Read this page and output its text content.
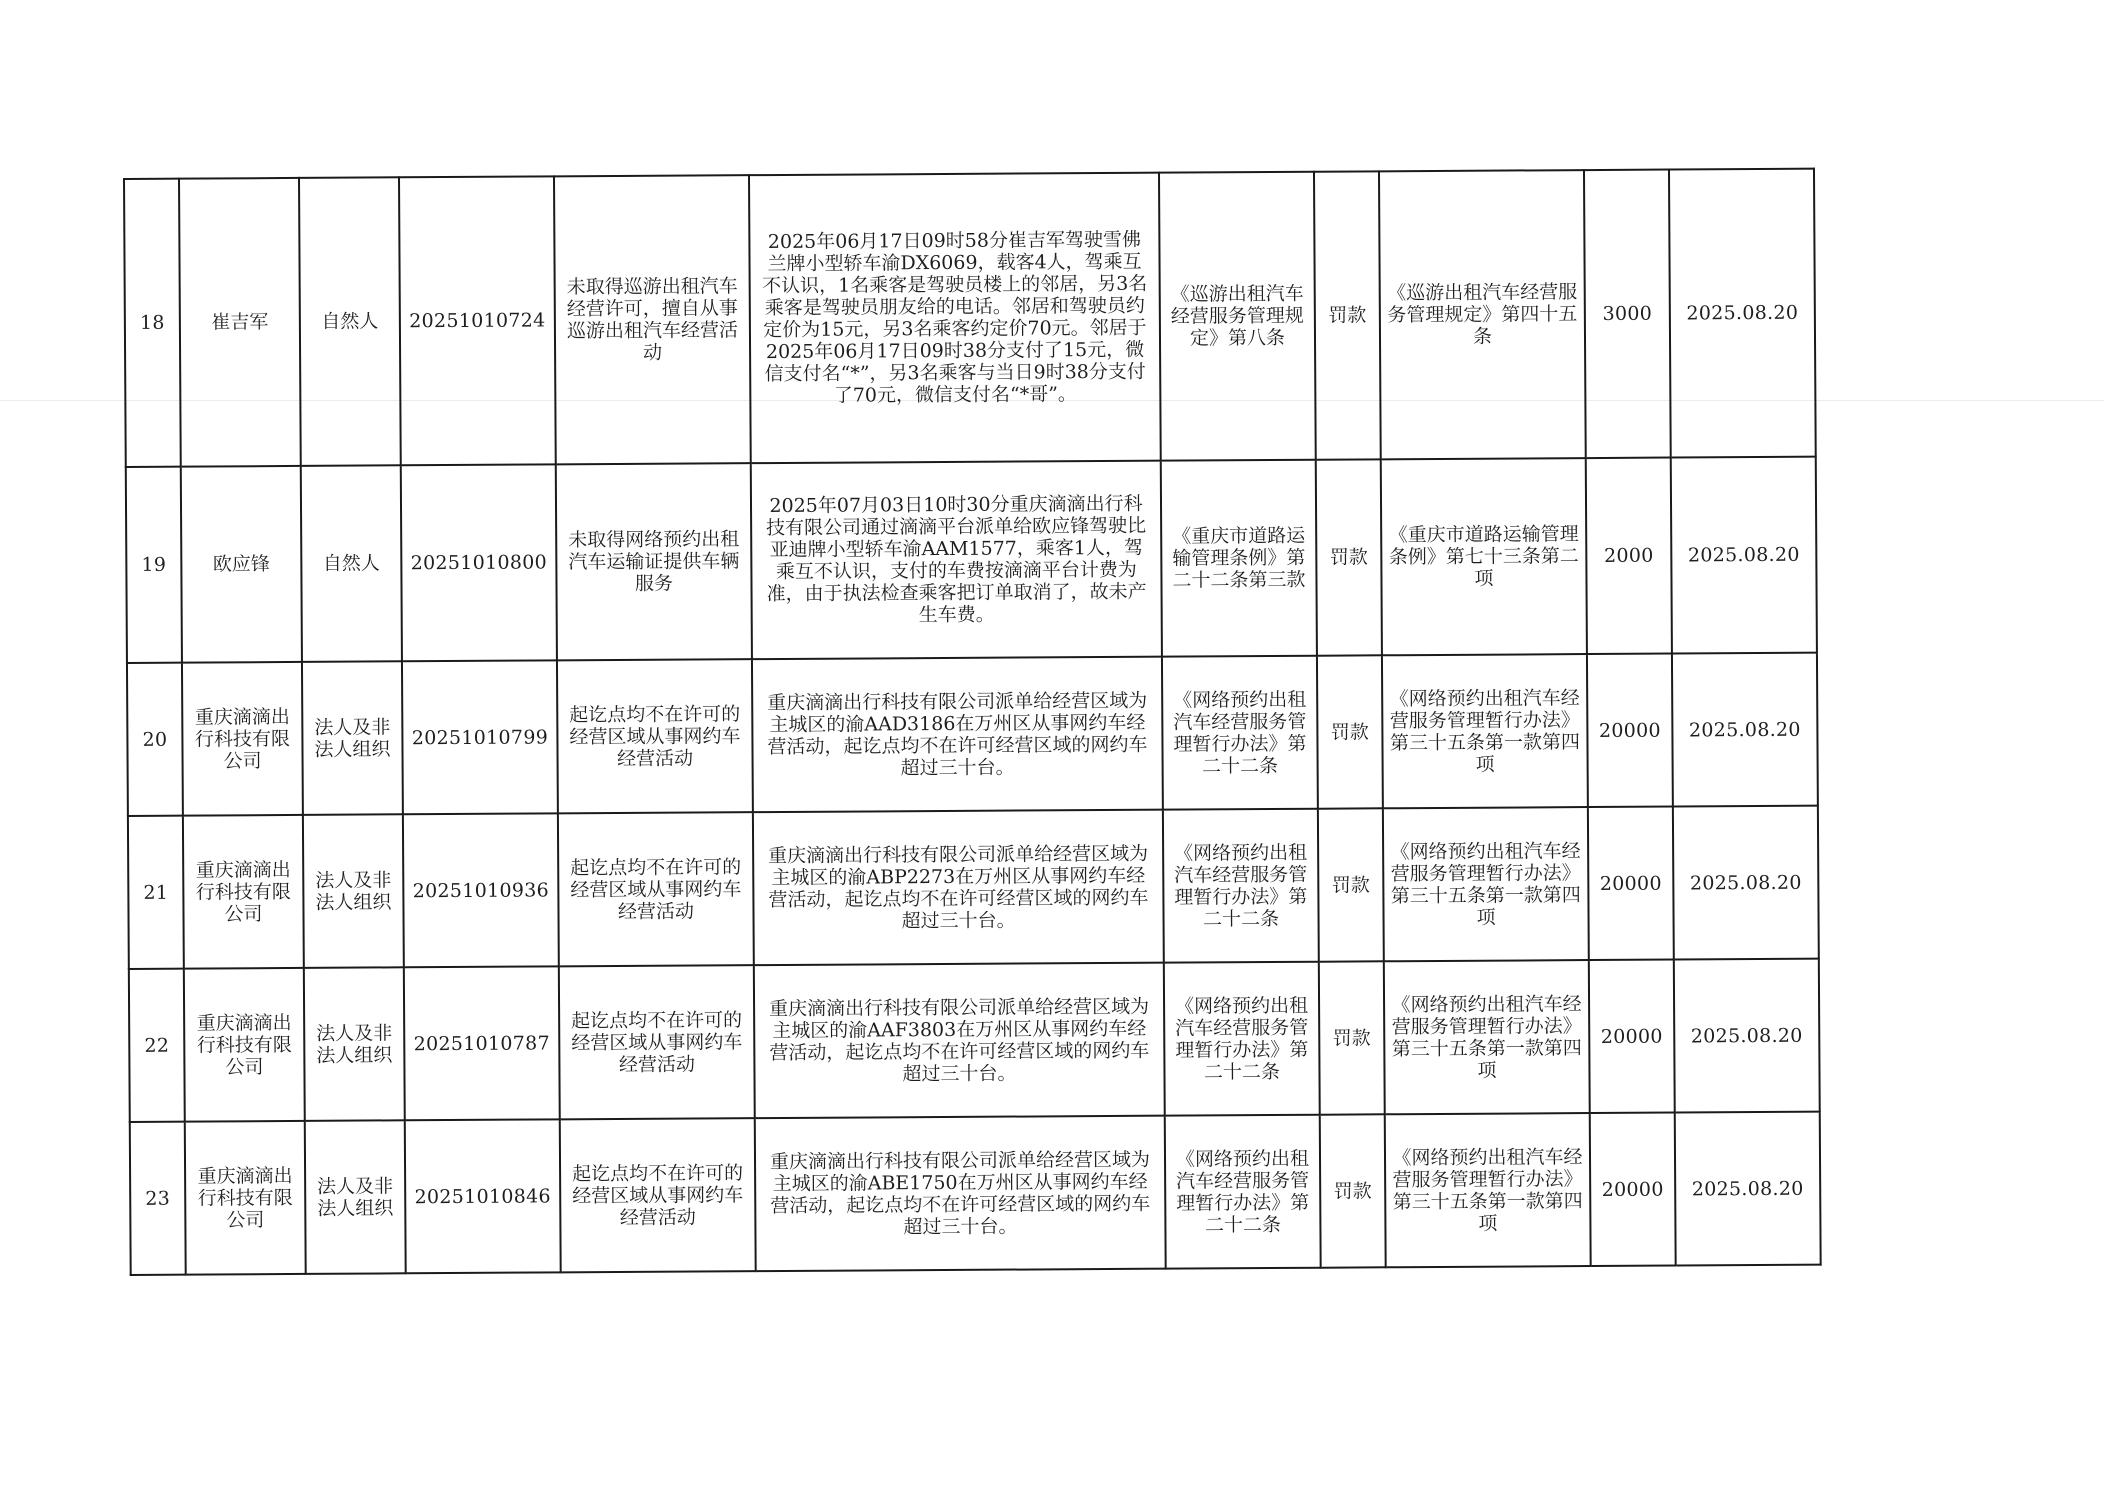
18	崔吉军	自然人	20251010724	未取得巡游出租汽车经营许可，擅自从事巡游出租汽车经营活动	2025年06月17日09时58分崔吉军驾驶雪佛兰牌小型轿车渝DX6069，载客4人，驾乘互不认识，1名乘客是驾驶员楼上的邻居，另3名乘客是驾驶员朋友给的电话。邻居和驾驶员约定价为15元，另3名乘客约定价70元。邻居于2025年06月17日09时38分支付了15元，微信支付名“*”，另3名乘客与当日9时38分支付了70元，微信支付名“*哥”。	《巡游出租汽车经营服务管理规定》第八条	罚款	《巡游出租汽车经营服务管理规定》第四十五条	3000	2025.08.20
19	欧应锋	自然人	20251010800	未取得网络预约出租汽车运输证提供车辆服务	2025年07月03日10时30分重庆滴滴出行科技有限公司通过滴滴平台派单给欧应锋驾驶比亚迪牌小型轿车渝AAM1577，乘客1人，驾乘互不认识，支付的车费按滴滴平台计费为准，由于执法检查乘客把订单取消了，故未产生车费。	《重庆市道路运输管理条例》第二十二条第三款	罚款	《重庆市道路运输管理条例》第七十三条第二项	2000	2025.08.20
20	重庆滴滴出行科技有限公司	法人及非法人组织	20251010799	起讫点均不在许可的经营区域从事网约车经营活动	重庆滴滴出行科技有限公司派单给经营区域为主城区的渝AAD3186在万州区从事网约车经营活动，起讫点均不在许可经营区域的网约车超过三十台。	《网络预约出租汽车经营服务管理暂行办法》第二十二条	罚款	《网络预约出租汽车经营服务管理暂行办法》第三十五条第一款第四项	20000	2025.08.20
21	重庆滴滴出行科技有限公司	法人及非法人组织	20251010936	起讫点均不在许可的经营区域从事网约车经营活动	重庆滴滴出行科技有限公司派单给经营区域为主城区的渝ABP2273在万州区从事网约车经营活动，起讫点均不在许可经营区域的网约车超过三十台。	《网络预约出租汽车经营服务管理暂行办法》第二十二条	罚款	《网络预约出租汽车经营服务管理暂行办法》第三十五条第一款第四项	20000	2025.08.20
22	重庆滴滴出行科技有限公司	法人及非法人组织	20251010787	起讫点均不在许可的经营区域从事网约车经营活动	重庆滴滴出行科技有限公司派单给经营区域为主城区的渝AAF3803在万州区从事网约车经营活动，起讫点均不在许可经营区域的网约车超过三十台。	《网络预约出租汽车经营服务管理暂行办法》第二十二条	罚款	《网络预约出租汽车经营服务管理暂行办法》第三十五条第一款第四项	20000	2025.08.20
23	重庆滴滴出行科技有限公司	法人及非法人组织	20251010846	起讫点均不在许可的经营区域从事网约车经营活动	重庆滴滴出行科技有限公司派单给经营区域为主城区的渝ABE1750在万州区从事网约车经营活动，起讫点均不在许可经营区域的网约车超过三十台。	《网络预约出租汽车经营服务管理暂行办法》第二十二条	罚款	《网络预约出租汽车经营服务管理暂行办法》第三十五条第一款第四项	20000	2025.08.20
